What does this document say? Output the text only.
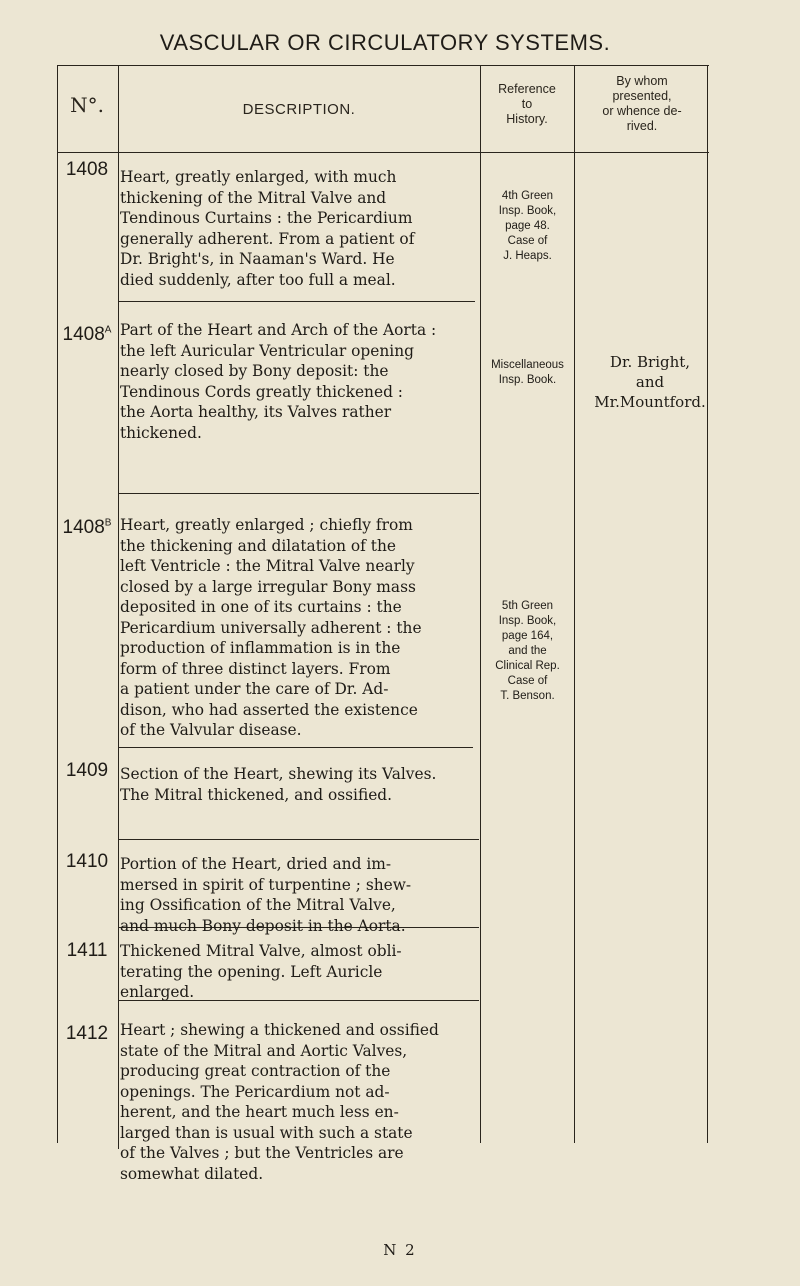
VASCULAR OR CIRCULATORY SYSTEMS.
N°.	DESCRIPTION.
Reference
to
History.
By whom
presented,
or whence de-
rived.
1408 Heart, greatly enlarged, with much
thickening of the Mitral Valve and
Tendinous Curtains : the Pericardium
generally adherent. From a patient of
Dr. Bright's, in Naaman's Ward. He
died suddenly, after too full a meal.
4th Green
Insp. Book,
page 48.
Case of
J. Heaps.
$1408^A$ Part of the Heart and Arch of the Aorta :
the left Auricular Ventricular opening
nearly closed by Bony deposit: the
Tendinous Cords greatly thickened :
the Aorta healthy, its Valves rather
thickened.
Miscellaneous
Insp. Book.
Dr. Bright,
and
Mr.Mountford.
$1408^B$ Heart, greatly enlarged ; chiefly from
the thickening and dilatation of the
left Ventricle : the Mitral Valve nearly
closed by a large irregular Bony mass
deposited in one of its curtains : the
Pericardium universally adherent : the
production of inflammation is in the
form of three distinct layers. From
a patient under the care of Dr. Ad-
dison, who had asserted the existence
of the Valvular disease.
5th Green
Insp. Book,
page 164,
and the
Clinical Rep.
Case of
T. Benson.
1409 Section of the Heart, shewing its Valves.
The Mitral thickened, and ossified.
1410 Portion of the Heart, dried and im-
mersed in spirit of turpentine ; shew-
ing Ossification of the Mitral Valve,
and much Bony deposit in the Aorta.
1411 Thickened Mitral Valve, almost obli-
terating the opening. Left Auricle
enlarged.
1412 Heart ; shewing a thickened and ossified
state of the Mitral and Aortic Valves,
producing great contraction of the
openings. The Pericardium not ad-
herent, and the heart much less en-
larged than is usual with such a state
of the Valves ; but the Ventricles are
somewhat dilated.
N 2
